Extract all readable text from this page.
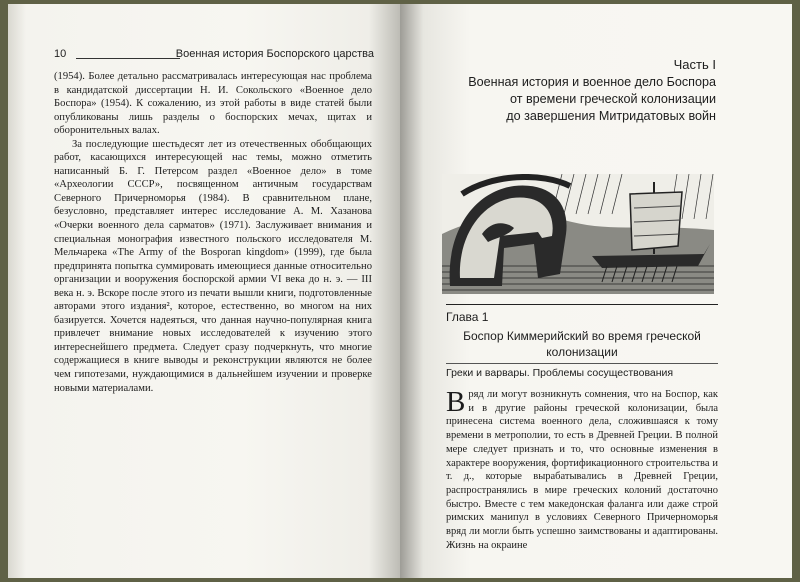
10	Военная история Боспорского царства

(1954). Более детально рассматривалась интересующая нас проблема в кандидатской диссертации Н. И. Сокольского «Военное дело Боспора» (1954). К сожалению, из этой работы в виде статей были опубликованы лишь разделы о боспорских мечах, щитах и оборонительных валах.

За последующие шестьдесят лет из отечественных обобщающих работ, касающихся интересующей нас темы, можно отметить написанный Б. Г. Петерсом раздел «Военное дело» в томе «Археологии СССР», посвященном античным государствам Северного Причерноморья (1984). В сравнительном плане, безусловно, представляет интерес исследование А. М. Хазанова «Очерки военного дела сарматов» (1971). Заслуживает внимания и специальная монография известного польского исследователя М. Мельчарека «The Army of the Bosporan kingdom» (1999), где была предпринята попытка суммировать имеющиеся данные относительно организации и вооружения боспорской армии VI века до н. э. — III века н. э. Вскоре после этого из печати вышли книги, подготовленные авторами этого издания², которое, естественно, во многом на них базируется. Хочется надеяться, что данная научно-популярная книга привлечет внимание новых исследователей к изучению этого интереснейшего предмета. Следует сразу подчеркнуть, что многие содержащиеся в книге выводы и реконструкции являются не более чем гипотезами, нуждающимися в дальнейшем изучении и проверке новыми материалами.

Часть I
Военная история и военное дело Боспора
от времени греческой колонизации
до завершения Митридатовых войн
Глава 1
Боспор Киммерийский во время греческой
колонизации
Греки и варвары. Проблемы сосуществования

Вряд ли могут возникнуть сомнения, что на Боспор, как и в другие районы греческой колонизации, была принесена система военного дела, сложившаяся к тому времени в метрополии, то есть в Древней Греции. В полной мере следует признать и то, что основные изменения в характере вооружения, фортификационного строительства и т. д., которые вырабатывались в Древней Греции, распространялись в мире греческих колоний достаточно быстро. Вместе с тем македонская фаланга или даже строй римских манипул в условиях Северного Причерноморья вряд ли могли быть успешно заимствованы и адаптированы. Жизнь на окраине
